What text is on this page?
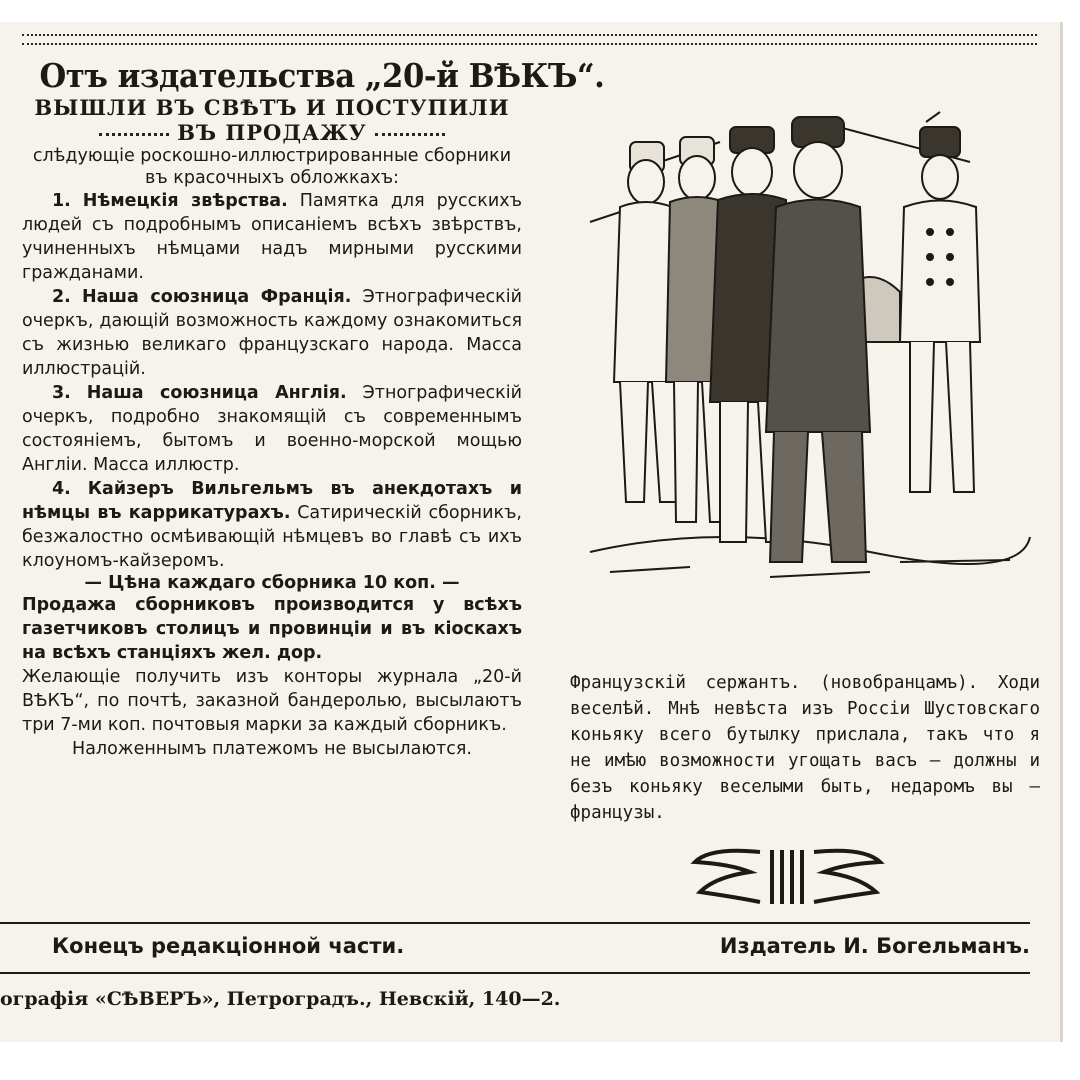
Отъ издательства „20-й ВѢКЪ“.

ВЫШЛИ ВЪ СВѢТЪ И ПОСТУПИЛИ

ВЪ ПРОДАЖУ

слѣдующіе роскошно-иллюстрированные сборники въ красочныхъ обложкахъ:

1. Нѣмецкія звѣрства. Памятка для русскихъ людей съ подробнымъ описаніемъ всѣхъ звѣрствъ, учиненныхъ нѣмцами надъ мирными русскими гражданами.

2. Наша союзница Франція. Этнографическій очеркъ, дающій возможность каждому ознакомиться съ жизнью великаго французскаго народа. Масса иллюстрацій.

3. Наша союзница Англія. Этнографическій очеркъ, подробно знакомящій съ современнымъ состояніемъ, бытомъ и военно-морской мощью Англіи. Масса иллюстр.

4. Кайзеръ Вильгельмъ въ анекдотахъ и нѣмцы въ каррикатурахъ. Сатирическій сборникъ, безжалостно осмѣивающій нѣмцевъ во главѣ съ ихъ клоуномъ-кайзеромъ.

— Цѣна каждаго сборника 10 коп. —

Продажа сборниковъ производится у всѣхъ газетчиковъ столицъ и провинціи и въ кіоскахъ на всѣхъ станціяхъ жел. дор.

Желающіе получить изъ конторы журнала „20-й ВѢКЪ“, по почтѣ, заказной бандеролью, высылаютъ три 7-ми коп. почтовыя марки за каждый сборникъ.
Наложеннымъ платежомъ не высылаются.

Французскій сержантъ. (новобранцамъ). Ходи веселѣй. Мнѣ невѣста изъ Россіи Шустовскаго коньяку всего бутылку прислала, такъ что я не имѣю возможности угощать васъ — должны и безъ коньяку веселыми быть, недаромъ вы — французы.

Конецъ редакціонной части.	Издатель И. Богельманъ.
ографія «СѢВЕРЪ», Петроградъ., Невскій, 140—2.
